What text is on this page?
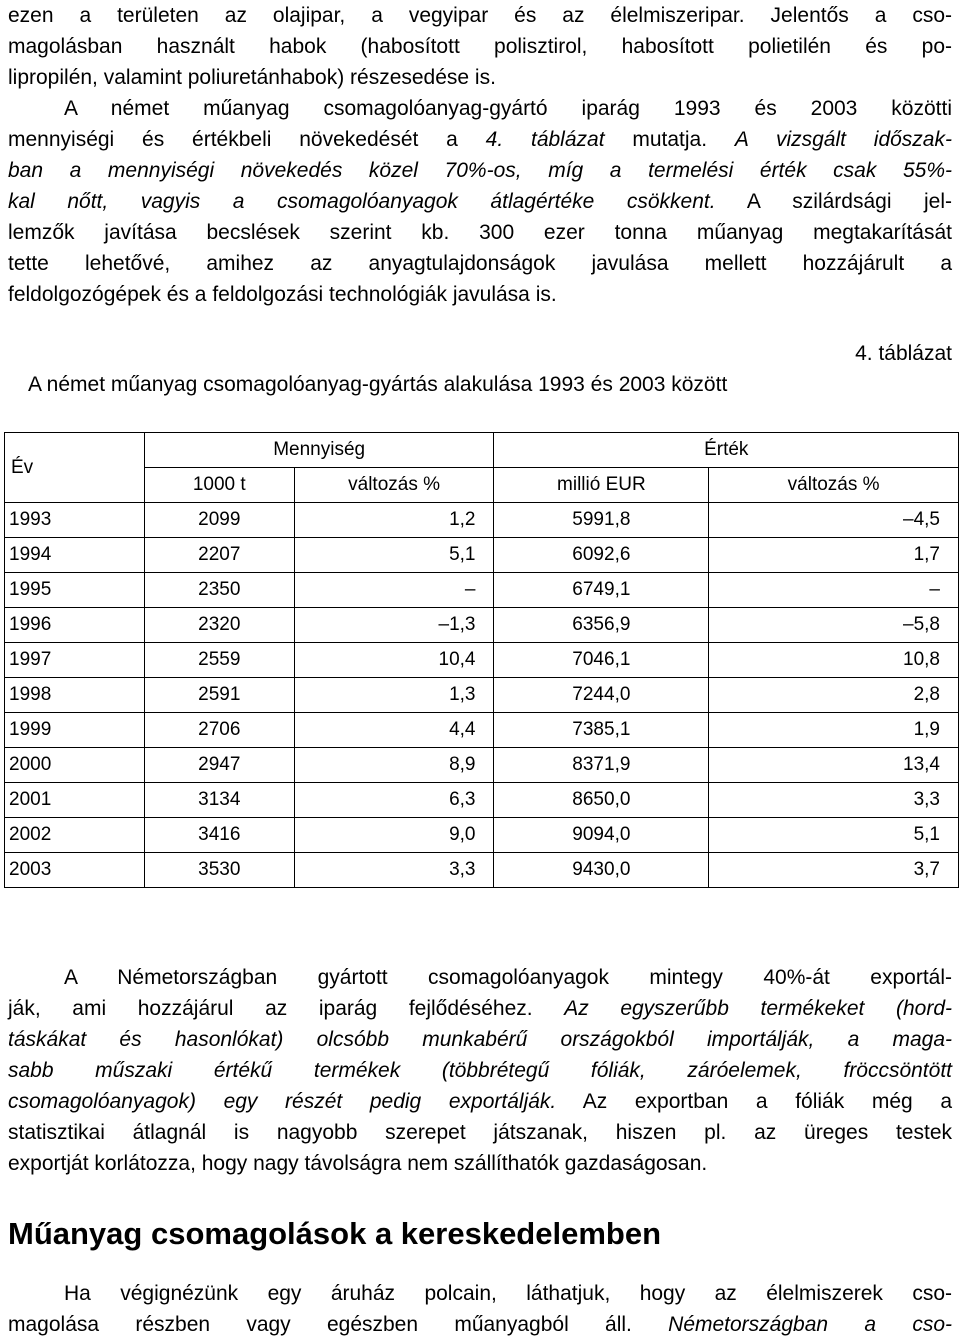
ezen a területen az olajipar, a vegyipar és az élelmiszeripar. Jelentős a cso-
magolásban használt habok (habosított polisztirol, habosított polietilén és po-
lipropilén, valamint poliuretánhabok) részesedése is.
A német műanyag csomagolóanyag-gyártó iparág 1993 és 2003 közötti
mennyiségi és értékbeli növekedését a 4. táblázat mutatja. A vizsgált időszak-
ban a mennyiségi növekedés közel 70%-os, míg a termelési érték csak 55%-
kal nőtt, vagyis a csomagolóanyagok átlagértéke csökkent. A szilárdsági jel-
lemzők javítása becslések szerint kb. 300 ezer tonna műanyag megtakarítását
tette lehetővé, amihez az anyagtulajdonságok javulása mellett hozzájárult a
feldolgozógépek és a feldolgozási technológiák javulása is.
4. táblázat
A német műanyag csomagolóanyag-gyártás alakulása 1993 és 2003 között
Év	Mennyiség		Érték	
	1000 t	változás %	millió EUR	változás %
1993	2099	1,2	5991,8	–4,5
1994	2207	5,1	6092,6	1,7
1995	2350	–	6749,1	–
1996	2320	–1,3	6356,9	–5,8
1997	2559	10,4	7046,1	10,8
1998	2591	1,3	7244,0	2,8
1999	2706	4,4	7385,1	1,9
2000	2947	8,9	8371,9	13,4
2001	3134	6,3	8650,0	3,3
2002	3416	9,0	9094,0	5,1
2003	3530	3,3	9430,0	3,7
A Németországban gyártott csomagolóanyagok mintegy 40%-át exportál-
ják, ami hozzájárul az iparág fejlődéséhez. Az egyszerűbb termékeket (hord-
táskákat és hasonlókat) olcsóbb munkabérű országokból importálják, a maga-
sabb műszaki értékű termékek (többrétegű fóliák, záróelemek, fröccsöntött
csomagolóanyagok) egy részét pedig exportálják. Az exportban a fóliák még a
statisztikai átlagnál is nagyobb szerepet játszanak, hiszen pl. az üreges testek
exportját korlátozza, hogy nagy távolságra nem szállíthatók gazdaságosan.
Műanyag csomagolások a kereskedelemben
Ha végignézünk egy áruház polcain, láthatjuk, hogy az élelmiszerek cso-
magolása részben vagy egészben műanyagból áll. Németországban a cso-
